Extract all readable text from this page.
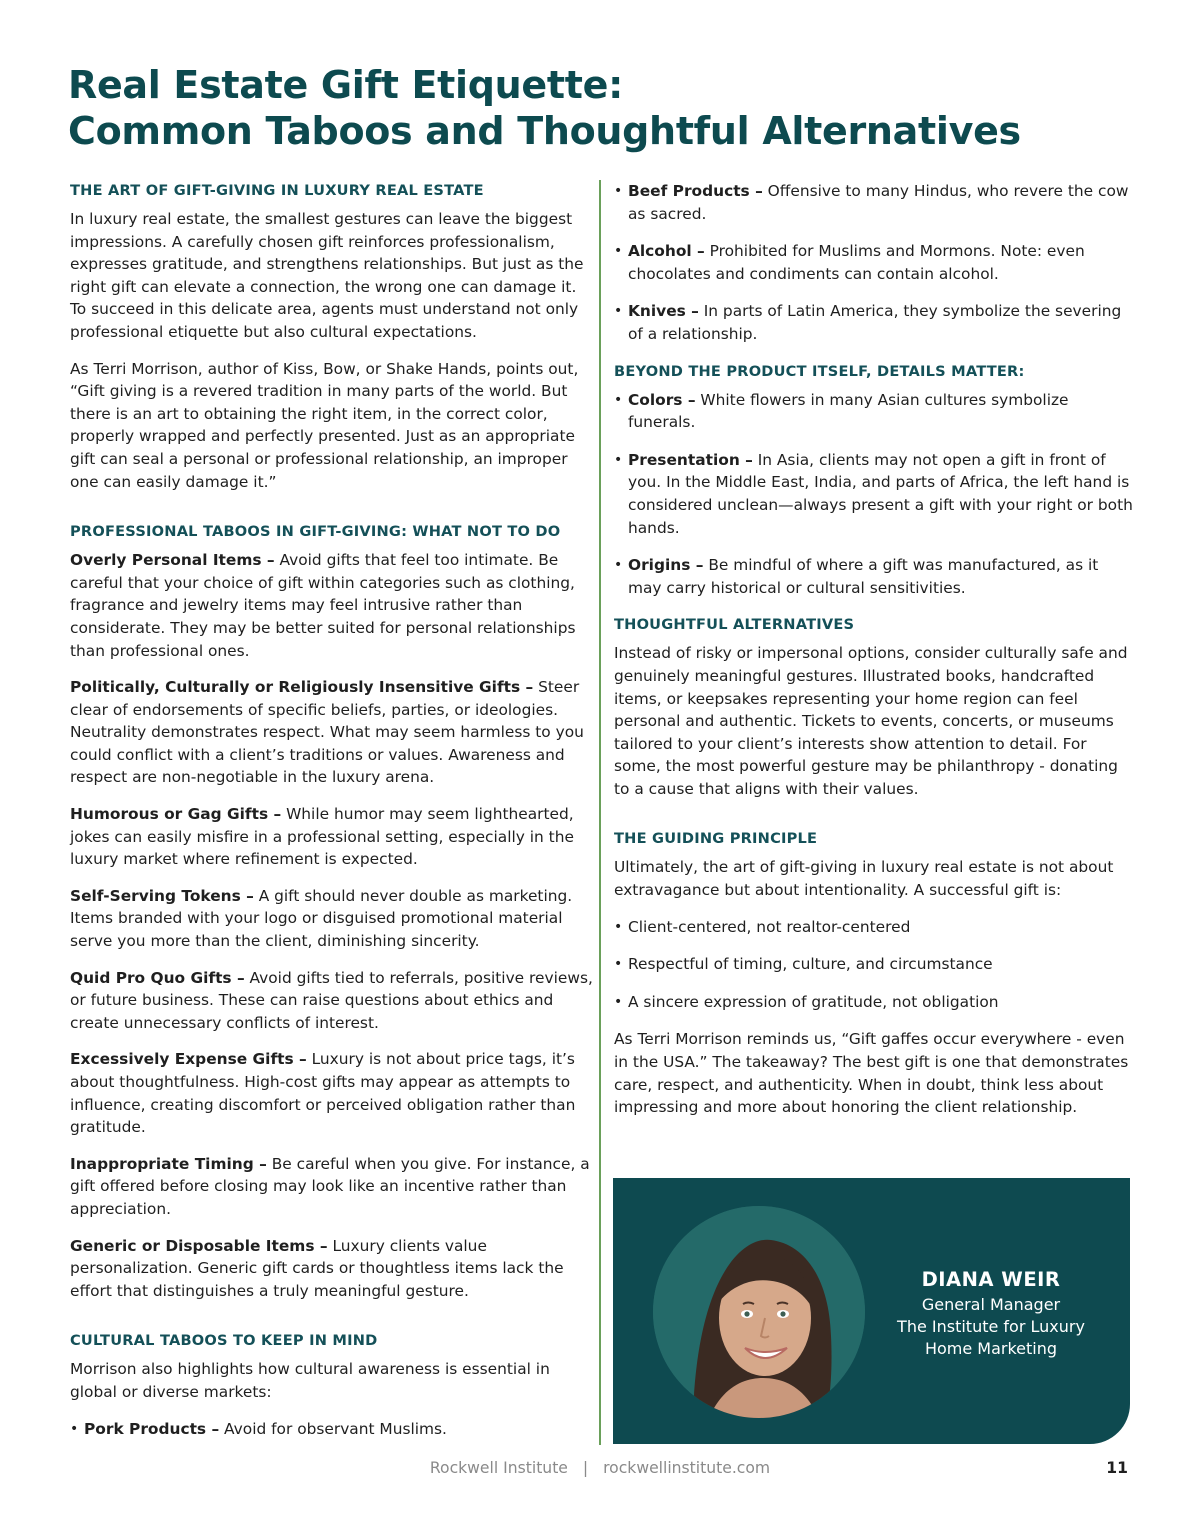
Real Estate Gift Etiquette:
Common Taboos and Thoughtful Alternatives
THE ART OF GIFT-GIVING IN LUXURY REAL ESTATE

In luxury real estate, the smallest gestures can leave the biggest impressions. A carefully chosen gift reinforces professionalism, expresses gratitude, and strengthens relationships. But just as the right gift can elevate a connection, the wrong one can damage it. To succeed in this delicate area, agents must understand not only professional etiquette but also cultural expectations.

As Terri Morrison, author of Kiss, Bow, or Shake Hands, points out, “Gift giving is a revered tradition in many parts of the world. But there is an art to obtaining the right item, in the correct color, properly wrapped and perfectly presented. Just as an appropriate gift can seal a personal or professional relationship, an improper one can easily damage it.”

PROFESSIONAL TABOOS IN GIFT-GIVING: WHAT NOT TO DO

Overly Personal Items – Avoid gifts that feel too intimate. Be careful that your choice of gift within categories such as clothing, fragrance and jewelry items may feel intrusive rather than considerate. They may be better suited for personal relationships than professional ones.

Politically, Culturally or Religiously Insensitive Gifts – Steer clear of endorsements of specific beliefs, parties, or ideologies. Neutrality demonstrates respect. What may seem harmless to you could conflict with a client’s traditions or values. Awareness and respect are non-negotiable in the luxury arena.

Humorous or Gag Gifts – While humor may seem lighthearted, jokes can easily misfire in a professional setting, especially in the luxury market where refinement is expected.

Self-Serving Tokens – A gift should never double as marketing. Items branded with your logo or disguised promotional material serve you more than the client, diminishing sincerity.

Quid Pro Quo Gifts – Avoid gifts tied to referrals, positive reviews, or future business. These can raise questions about ethics and create unnecessary conflicts of interest.

Excessively Expense Gifts – Luxury is not about price tags, it’s about thoughtfulness. High-cost gifts may appear as attempts to influence, creating discomfort or perceived obligation rather than gratitude.

Inappropriate Timing – Be careful when you give. For instance, a gift offered before closing may look like an incentive rather than appreciation.

Generic or Disposable Items – Luxury clients value personalization. Generic gift cards or thoughtless items lack the effort that distinguishes a truly meaningful gesture.

CULTURAL TABOOS TO KEEP IN MIND

Morrison also highlights how cultural awareness is essential in global or diverse markets:

• Pork Products – Avoid for observant Muslims.
• Beef Products – Offensive to many Hindus, who revere the cow as sacred.
• Alcohol – Prohibited for Muslims and Mormons. Note: even chocolates and condiments can contain alcohol.
• Knives – In parts of Latin America, they symbolize the severing of a relationship.
BEYOND THE PRODUCT ITSELF, DETAILS MATTER:
• Colors – White flowers in many Asian cultures symbolize funerals.
• Presentation – In Asia, clients may not open a gift in front of you. In the Middle East, India, and parts of Africa, the left hand is considered unclean—always present a gift with your right or both hands.
• Origins – Be mindful of where a gift was manufactured, as it may carry historical or cultural sensitivities.
THOUGHTFUL ALTERNATIVES

Instead of risky or impersonal options, consider culturally safe and genuinely meaningful gestures. Illustrated books, handcrafted items, or keepsakes representing your home region can feel personal and authentic. Tickets to events, concerts, or museums tailored to your client’s interests show attention to detail. For some, the most powerful gesture may be philanthropy - donating to a cause that aligns with their values.

THE GUIDING PRINCIPLE

Ultimately, the art of gift-giving in luxury real estate is not about extravagance but about intentionality. A successful gift is:

• Client-centered, not realtor-centered
• Respectful of timing, culture, and circumstance
• A sincere expression of gratitude, not obligation

As Terri Morrison reminds us, “Gift gaffes occur everywhere - even in the USA.” The takeaway? The best gift is one that demonstrates care, respect, and authenticity. When in doubt, think less about impressing and more about honoring the client relationship.

DIANA WEIR
General Manager
The Institute for Luxury Home Marketing
Rockwell Institute | rockwellinstitute.com	11
